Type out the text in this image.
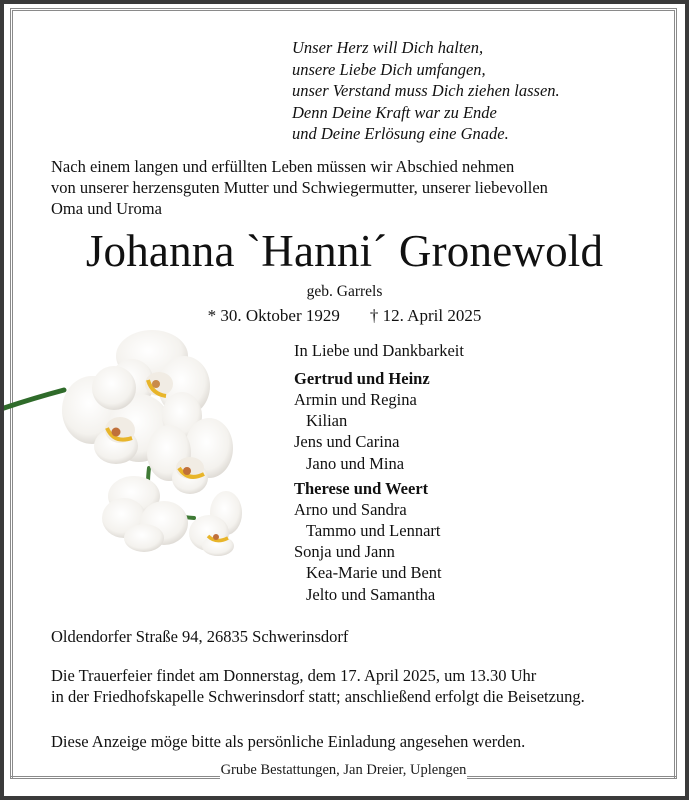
Unser Herz will Dich halten,
unsere Liebe Dich umfangen,
unser Verstand muss Dich ziehen lassen.
Denn Deine Kraft war zu Ende
und Deine Erlösung eine Gnade.
Nach einem langen und erfüllten Leben müssen wir Abschied nehmen
von unserer herzensguten Mutter und Schwiegermutter, unserer liebevollen
Oma und Uroma
Johanna `Hanni´ Gronewold
geb. Garrels
* 30. Oktober 1929 † 12. April 2025
In Liebe und Dankbarkeit
Gertrud und Heinz
Armin und Regina
Kilian
Jens und Carina
Jano und Mina
Therese und Weert
Arno und Sandra
Tammo und Lennart
Sonja und Jann
Kea-Marie und Bent
Jelto und Samantha
Oldendorfer Straße 94, 26835 Schwerinsdorf
Die Trauerfeier findet am Donnerstag, dem 17. April 2025, um 13.30 Uhr
in der Friedhofskapelle Schwerinsdorf statt; anschließend erfolgt die Beisetzung.
Diese Anzeige möge bitte als persönliche Einladung angesehen werden.
Grube Bestattungen, Jan Dreier, Uplengen
